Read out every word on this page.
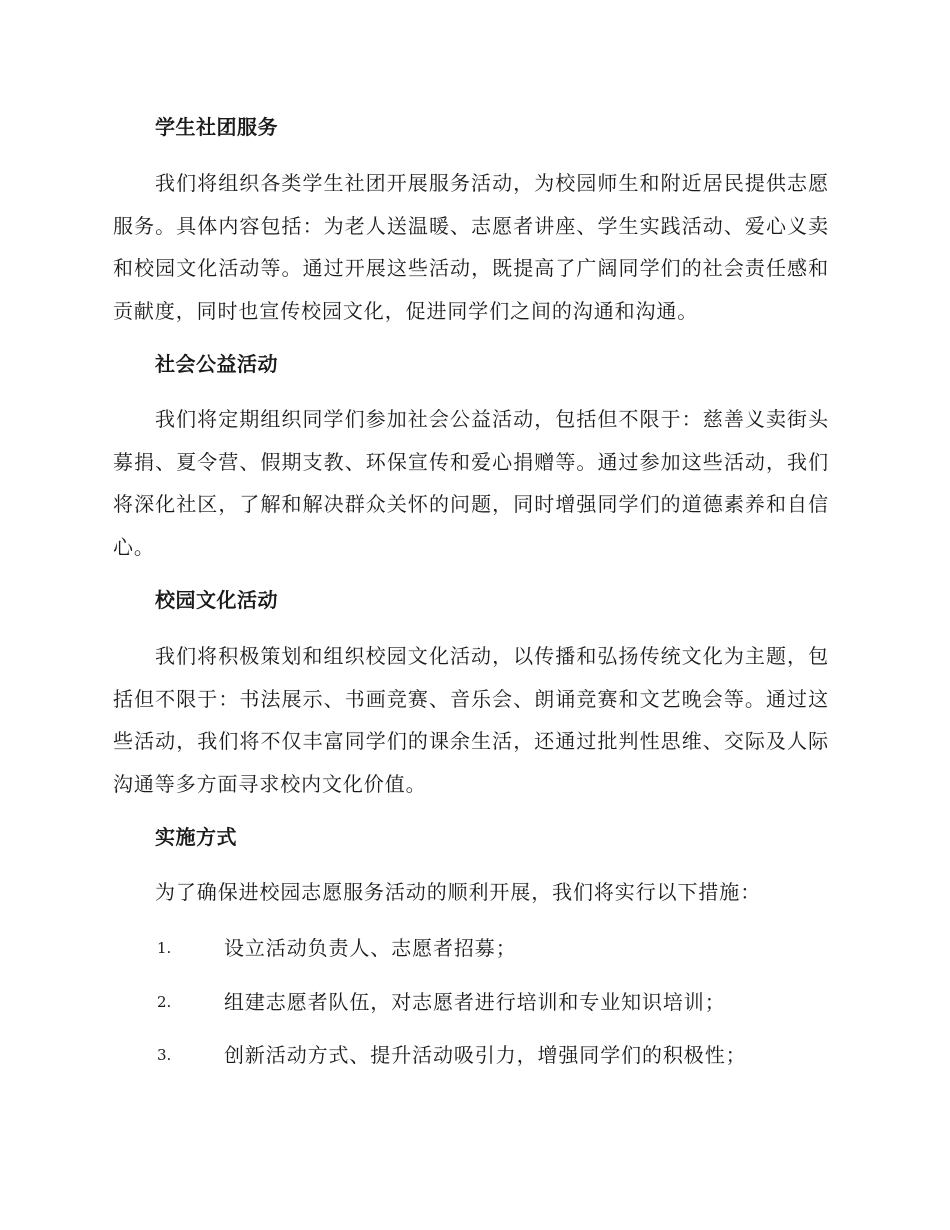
学生社团服务
我们将组织各类学生社团开展服务活动，为校园师生和附近居民提供志愿服务。具体内容包括：为老人送温暖、志愿者讲座、学生实践活动、爱心义卖和校园文化活动等。通过开展这些活动，既提高了广阔同学们的社会责任感和贡献度，同时也宣传校园文化，促进同学们之间的沟通和沟通。
社会公益活动
我们将定期组织同学们参加社会公益活动，包括但不限于：慈善义卖街头募捐、夏令营、假期支教、环保宣传和爱心捐赠等。通过参加这些活动，我们将深化社区，了解和解决群众关怀的问题，同时增强同学们的道德素养和自信心。
校园文化活动
我们将积极策划和组织校园文化活动，以传播和弘扬传统文化为主题，包括但不限于：书法展示、书画竞赛、音乐会、朗诵竞赛和文艺晚会等。通过这些活动，我们将不仅丰富同学们的课余生活，还通过批判性思维、交际及人际沟通等多方面寻求校内文化价值。
实施方式
为了确保进校园志愿服务活动的顺利开展，我们将实行以下措施：
1.	设立活动负责人、志愿者招募；
2.	组建志愿者队伍，对志愿者进行培训和专业知识培训；
3.	创新活动方式、提升活动吸引力，增强同学们的积极性；
